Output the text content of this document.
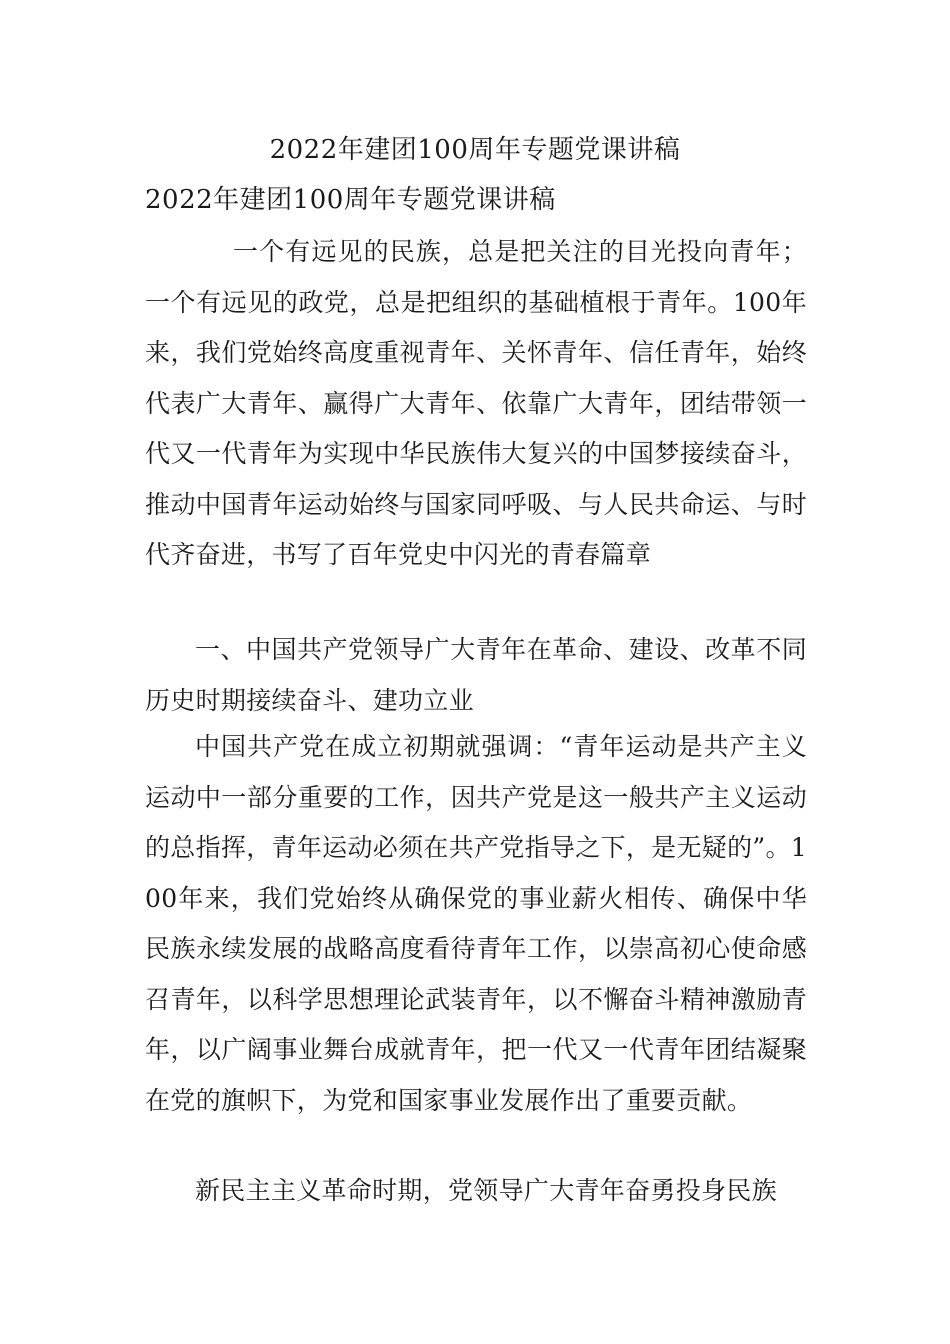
2022年建团100周年专题党课讲稿
2022年建团100周年专题党课讲稿

一个有远见的民族，总是把关注的目光投向青年；一个有远见的政党，总是把组织的基础植根于青年。100年来，我们党始终高度重视青年、关怀青年、信任青年，始终代表广大青年、赢得广大青年、依靠广大青年，团结带领一代又一代青年为实现中华民族伟大复兴的中国梦接续奋斗，推动中国青年运动始终与国家同呼吸、与人民共命运、与时代齐奋进，书写了百年党史中闪光的青春篇章

一、中国共产党领导广大青年在革命、建设、改革不同历史时期接续奋斗、建功立业

中国共产党在成立初期就强调：“青年运动是共产主义运动中一部分重要的工作，因共产党是这一般共产主义运动的总指挥，青年运动必须在共产党指导之下，是无疑的”。100年来，我们党始终从确保党的事业薪火相传、确保中华民族永续发展的战略高度看待青年工作，以崇高初心使命感召青年，以科学思想理论武装青年，以不懈奋斗精神激励青年，以广阔事业舞台成就青年，把一代又一代青年团结凝聚在党的旗帜下，为党和国家事业发展作出了重要贡献。

新民主主义革命时期，党领导广大青年奋勇投身民族
